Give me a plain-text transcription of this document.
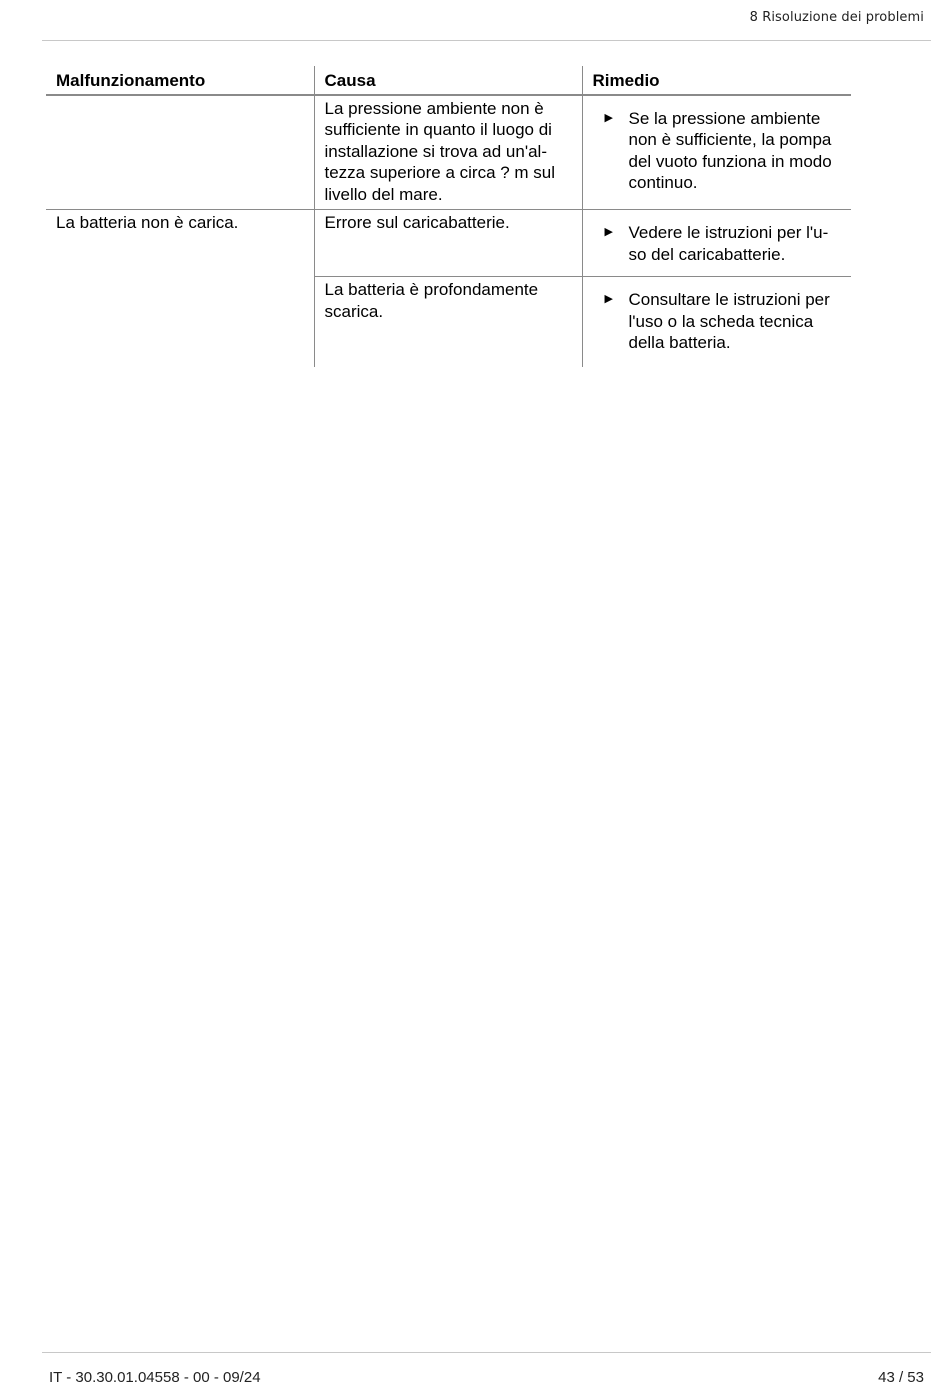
8 Risoluzione dei problemi
Malfunzionamento	Causa	Rimedio

	La pressione ambiente non è sufficiente in quanto il luogo di installazione si trova ad un'al-tezza superiore a circa ? m sul livello del mare.	▶ Se la pressione ambiente non è sufficiente, la pompa del vuoto funziona in modo continuo.

La batteria non è carica.	Errore sul caricabatterie.	▶ Vedere le istruzioni per l'u-so del caricabatterie.

	La batteria è profondamente scarica.	▶ Consultare le istruzioni per l'uso o la scheda tecnica della batteria.
IT - 30.30.01.04558 - 00 - 09/24	43 / 53
